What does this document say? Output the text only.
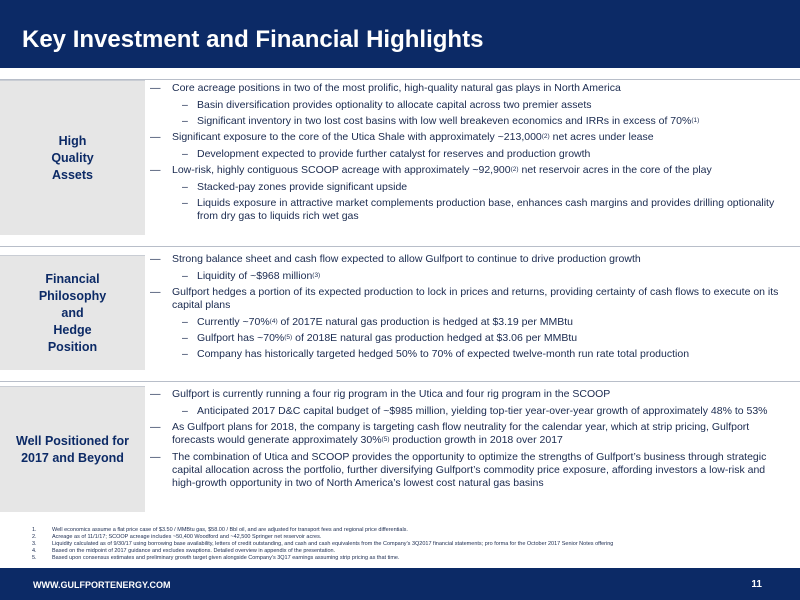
Key Investment and Financial Highlights
High
Quality
Assets
Financial
Philosophy
and
Hedge
Position
Well Positioned for
2017 and Beyond
— Core acreage positions in two of the most prolific, high-quality natural gas plays in North America
– Basin diversification provides optionality to allocate capital across two premier assets
– Significant inventory in two lost cost basins with low well breakeven economics and IRRs in excess of 70%$^{(1)}$
— Significant exposure to the core of the Utica Shale with approximately ~213,000$^{(2)}$ net acres under lease
– Development expected to provide further catalyst for reserves and production growth
— Low-risk, highly contiguous SCOOP acreage with approximately ~92,900$^{(2)}$ net reservoir acres in the core of the play
– Stacked-pay zones provide significant upside
– Liquids exposure in attractive market complements production base, enhances cash margins and provides drilling optionality from dry gas to liquids rich wet gas
— Strong balance sheet and cash flow expected to allow Gulfport to continue to drive production growth
– Liquidity of ~$968 million$^{(3)}$
— Gulfport hedges a portion of its expected production to lock in prices and returns, providing certainty of cash flows to execute on its capital plans
– Currently ~70%$^{(4)}$ of 2017E natural gas production is hedged at $3.19 per MMBtu
– Gulfport has ~70%$^{(5)}$ of 2018E natural gas production hedged at $3.06 per MMBtu
– Company has historically targeted hedged 50% to 70% of expected twelve-month run rate total production
— Gulfport is currently running a four rig program in the Utica and four rig program in the SCOOP
– Anticipated 2017 D&C capital budget of ~$985 million, yielding top-tier year-over-year growth of approximately 48% to 53%
— As Gulfport plans for 2018, the company is targeting cash flow neutrality for the calendar year, which at strip pricing, Gulfport forecasts would generate approximately 30%$^{(5)}$ production growth in 2018 over 2017
— The combination of Utica and SCOOP provides the opportunity to optimize the strengths of Gulfport’s business through strategic capital allocation across the portfolio, further diversifying Gulfport’s commodity price exposure, affording investors a low-risk and high-growth opportunity in two of North America’s lowest cost natural gas basins
1.	Well economics assume a flat price case of $3.50 / MMBtu gas, $58.00 / Bbl oil, and are adjusted for transport fees and regional price differentials.
2.	Acreage as of 11/1/17; SCOOP acreage includes ~50,400 Woodford and ~42,500 Springer net reservoir acres.
3.	Liquidity calculated as of 9/30/17 using borrowing base availability, letters of credit outstanding, and cash and cash equivalents from the Company’s 3Q2017 financial statements; pro forma for the October 2017 Senior Notes offering
4.	Based on the midpoint of 2017 guidance and excludes swaptions. Detailed overview in appendix of the presentation.
5.	Based upon consensus estimates and preliminary growth target given alongside Company’s 3Q17 earnings assuming strip pricing as that time.
WWW.GULFPORTENERGY.COM	11
